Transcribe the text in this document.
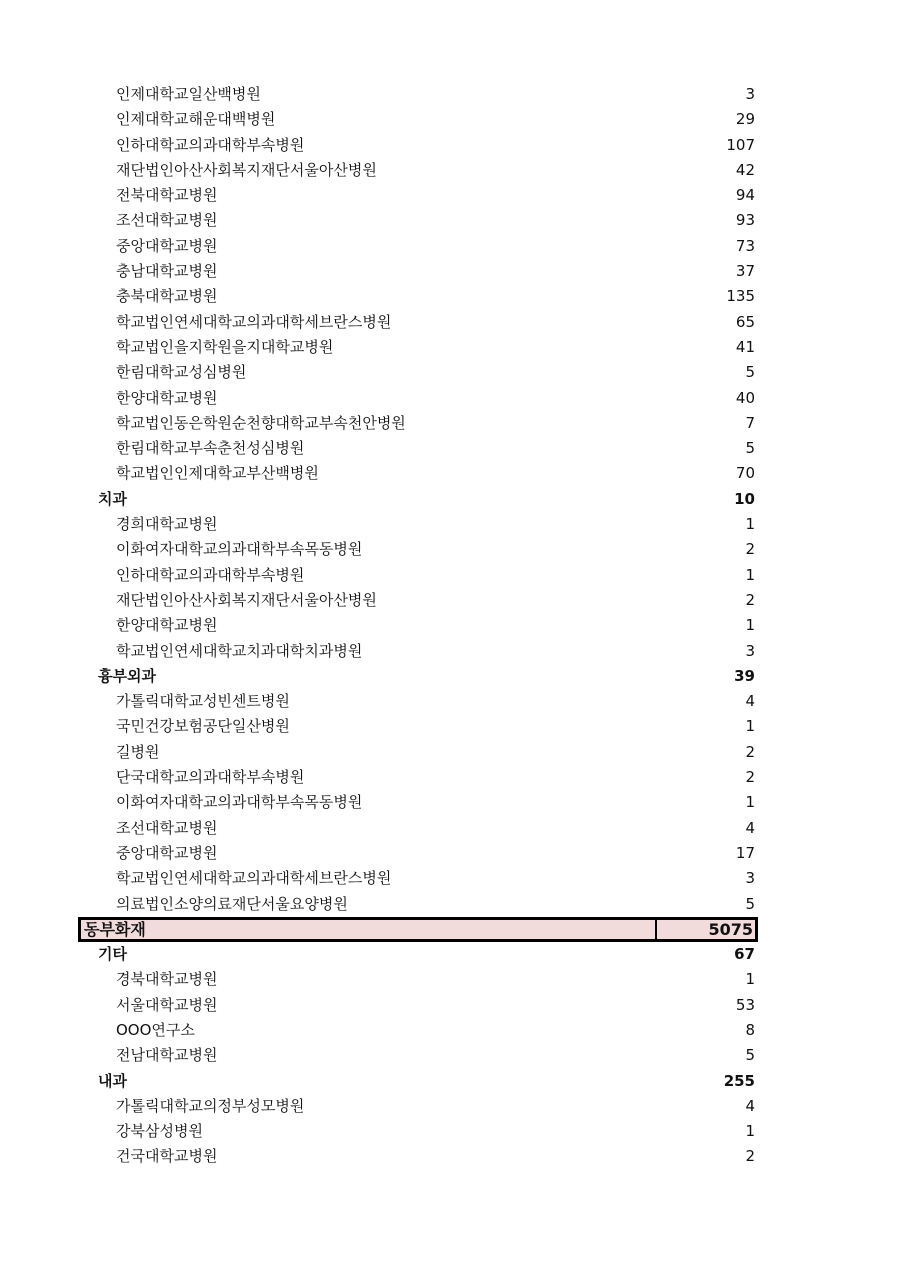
인제대학교일산백병원	3
인제대학교해운대백병원	29
인하대학교의과대학부속병원	107
재단법인아산사회복지재단서울아산병원	42
전북대학교병원	94
조선대학교병원	93
중앙대학교병원	73
충남대학교병원	37
충북대학교병원	135
학교법인연세대학교의과대학세브란스병원	65
학교법인을지학원을지대학교병원	41
한림대학교성심병원	5
한양대학교병원	40
학교법인동은학원순천향대학교부속천안병원	7
한림대학교부속춘천성심병원	5
학교법인인제대학교부산백병원	70
치과	10
경희대학교병원	1
이화여자대학교의과대학부속목동병원	2
인하대학교의과대학부속병원	1
재단법인아산사회복지재단서울아산병원	2
한양대학교병원	1
학교법인연세대학교치과대학치과병원	3
흉부외과	39
가톨릭대학교성빈센트병원	4
국민건강보험공단일산병원	1
길병원	2
단국대학교의과대학부속병원	2
이화여자대학교의과대학부속목동병원	1
조선대학교병원	4
중앙대학교병원	17
학교법인연세대학교의과대학세브란스병원	3
의료법인소양의료재단서울요양병원	5
동부화재	5075
기타	67
경북대학교병원	1
서울대학교병원	53
OOO연구소	8
전남대학교병원	5
내과	255
가톨릭대학교의정부성모병원	4
강북삼성병원	1
건국대학교병원	2
